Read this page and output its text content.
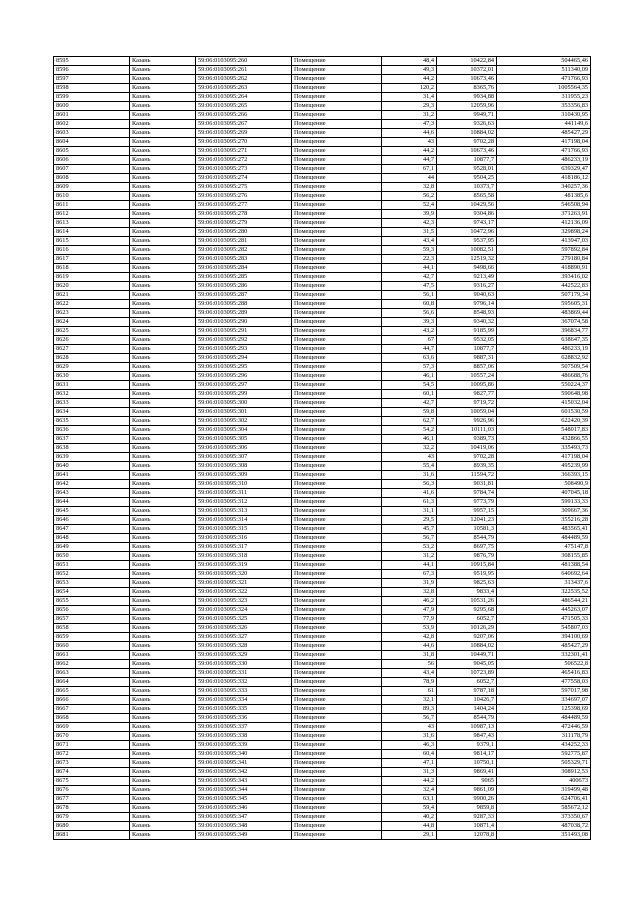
8595	Казань	59:06:0103095:260	Помещение	48,4	10422,84	504465,46
8596	Казань	59:06:0103095:261	Помещение	49,3	10372,01	511340,09
8597	Казань	59:06:0103095:262	Помещение	44,2	10673,46	471766,93
8598	Казань	59:06:0103095:263	Помещение	120,2	8365,76	1005564,35
8599	Казань	59:06:0103095:264	Помещение	31,4	9934,88	311955,23
8600	Казань	59:06:0103095:265	Помещение	29,3	12059,96	353356,83
8601	Казань	59:06:0103095:266	Помещение	31,2	9949,71	310430,95
8602	Казань	59:06:0103095:267	Помещение	47,3	9326,63	441149,6
8603	Казань	59:06:0103095:269	Помещение	44,6	10884,02	485427,29
8604	Казань	59:06:0103095:270	Помещение	43	9702,28	417198,04
8605	Казань	59:06:0103095:271	Помещение	44,2	10673,46	471766,93
8606	Казань	59:06:0103095:272	Помещение	44,7	10877,7	486233,19
8607	Казань	59:06:0103095:273	Помещение	67,1	9528,01	639329,47
8608	Казань	59:06:0103095:274	Помещение	44	9504,25	418186,12
8609	Казань	59:06:0103095:275	Помещение	32,8	10373,7	340257,36
8610	Казань	59:06:0103095:276	Помещение	56,2	8565,58	481385,6
8611	Казань	59:06:0103095:277	Помещение	52,4	10429,56	546508,94
8612	Казань	59:06:0103095:278	Помещение	39,9	9304,86	371263,91
8613	Казань	59:06:0103095:279	Помещение	42,3	9743,17	412136,09
8614	Казань	59:06:0103095:280	Помещение	31,5	10472,96	329898,24
8615	Казань	59:06:0103095:281	Помещение	43,4	9537,95	413947,03
8616	Казань	59:06:0103095:282	Помещение	59,3	10082,51	597892,84
8617	Казань	59:06:0103095:283	Помещение	22,3	12519,32	279180,84
8618	Казань	59:06:0103095:284	Помещение	44,1	9498,66	418890,91
8619	Казань	59:06:0103095:285	Помещение	42,7	9213,49	393416,02
8620	Казань	59:06:0103095:286	Помещение	47,5	9316,27	442522,83
8621	Казань	59:06:0103095:287	Помещение	56,1	9040,63	507179,34
8622	Казань	59:06:0103095:288	Помещение	60,8	9796,14	595605,31
8623	Казань	59:06:0103095:289	Помещение	56,6	8548,93	483869,44
8624	Казань	59:06:0103095:290	Помещение	39,3	9340,32	367074,58
8625	Казань	59:06:0103095:291	Помещение	43,2	9185,99	396834,77
8626	Казань	59:06:0103095:292	Помещение	67	9532,05	638647,35
8627	Казань	59:06:0103095:293	Помещение	44,7	10877,7	486233,19
8628	Казань	59:06:0103095:294	Помещение	63,6	9887,31	628832,92
8629	Казань	59:06:0103095:295	Помещение	57,3	8857,06	507509,54
8630	Казань	59:06:0103095:296	Помещение	46,1	10557,24	486688,76
8631	Казань	59:06:0103095:297	Помещение	54,5	10095,86	550224,37
8632	Казань	59:06:0103095:299	Помещение	60,1	9827,77	590648,98
8633	Казань	59:06:0103095:300	Помещение	42,7	9719,72	415032,04
8634	Казань	59:06:0103095:301	Помещение	59,8	10059,04	601530,59
8635	Казань	59:06:0103095:302	Помещение	62,7	9926,96	622420,39
8636	Казань	59:06:0103095:304	Помещение	54,2	10111,03	548017,83
8637	Казань	59:06:0103095:305	Помещение	46,1	9389,73	432866,55
8638	Казань	59:06:0103095:306	Помещение	32,2	10419,06	335493,73
8639	Казань	59:06:0103095:307	Помещение	43	9702,28	417198,04
8640	Казань	59:06:0103095:308	Помещение	55,4	8939,35	495239,99
8641	Казань	59:06:0103095:309	Помещение	31,6	11594,72	366393,15
8642	Казань	59:06:0103095:310	Помещение	56,3	9031,81	508490,9
8643	Казань	59:06:0103095:311	Помещение	41,6	9784,74	407045,18
8644	Казань	59:06:0103095:312	Помещение	61,3	9773,79	599133,33
8645	Казань	59:06:0103095:313	Помещение	31,1	9957,15	309667,36
8646	Казань	59:06:0103095:314	Помещение	29,5	12041,23	355216,28
8647	Казань	59:06:0103095:315	Помещение	45,7	10581,3	483565,41
8648	Казань	59:06:0103095:316	Помещение	56,7	8544,79	484489,59
8649	Казань	59:06:0103095:317	Помещение	53,2	8697,75	475147,8
8650	Казань	59:06:0103095:318	Помещение	31,2	9876,79	308155,85
8651	Казань	59:06:0103095:319	Помещение	44,1	10915,84	481388,54
8652	Казань	59:06:0103095:320	Помещение	67,3	9519,95	640692,64
8653	Казань	59:06:0103095:321	Помещение	31,9	9825,63	313437,6
8654	Казань	59:06:0103095:322	Помещение	32,8	9833,4	322535,52
8655	Казань	59:06:0103095:323	Помещение	46,2	10531,26	486544,21
8656	Казань	59:06:0103095:324	Помещение	47,9	9295,68	445263,07
8657	Казань	59:06:0103095:325	Помещение	77,9	6052,7	471505,33
8658	Казань	59:06:0103095:326	Помещение	53,9	10126,29	545807,03
8659	Казань	59:06:0103095:327	Помещение	42,8	9207,06	394100,69
8660	Казань	59:06:0103095:328	Помещение	44,6	10884,02	485427,29
8661	Казань	59:06:0103095:329	Помещение	31,8	10449,71	332301,41
8662	Казань	59:06:0103095:330	Помещение	56	9045,05	506522,8
8663	Казань	59:06:0103095:331	Помещение	43,4	10723,89	465416,83
8664	Казань	59:06:0103095:332	Помещение	78,9	6052,7	477558,03
8665	Казань	59:06:0103095:333	Помещение	61	9787,18	597017,98
8666	Казань	59:06:0103095:334	Помещение	32,1	10426,7	334697,07
8667	Казань	59:06:0103095:335	Помещение	89,3	1404,24	125398,69
8668	Казань	59:06:0103095:336	Помещение	56,7	8544,79	484489,59
8669	Казань	59:06:0103095:337	Помещение	43	10987,13	472446,59
8670	Казань	59:06:0103095:338	Помещение	31,6	9847,43	311178,79
8671	Казань	59:06:0103095:339	Помещение	46,3	9379,1	434252,33
8672	Казань	59:06:0103095:340	Помещение	60,4	9814,17	592775,87
8673	Казань	59:06:0103095:341	Помещение	47,1	10750,1	505329,71
8674	Казань	59:06:0103095:342	Помещение	31,3	9869,41	308912,53
8675	Казань	59:06:0103095:343	Помещение	44,2	9065	400673
8676	Казань	59:06:0103095:344	Помещение	32,4	9861,09	319499,48
8677	Казань	59:06:0103095:345	Помещение	63,1	9900,26	624706,41
8678	Казань	59:06:0103095:346	Помещение	59,4	9859,8	585672,12
8679	Казань	59:06:0103095:347	Помещение	40,2	9287,33	373350,67
8680	Казань	59:06:0103095:348	Помещение	44,8	10871,4	487038,72
8681	Казань	59:06:0103095:349	Помещение	29,1	12078,8	351493,08
